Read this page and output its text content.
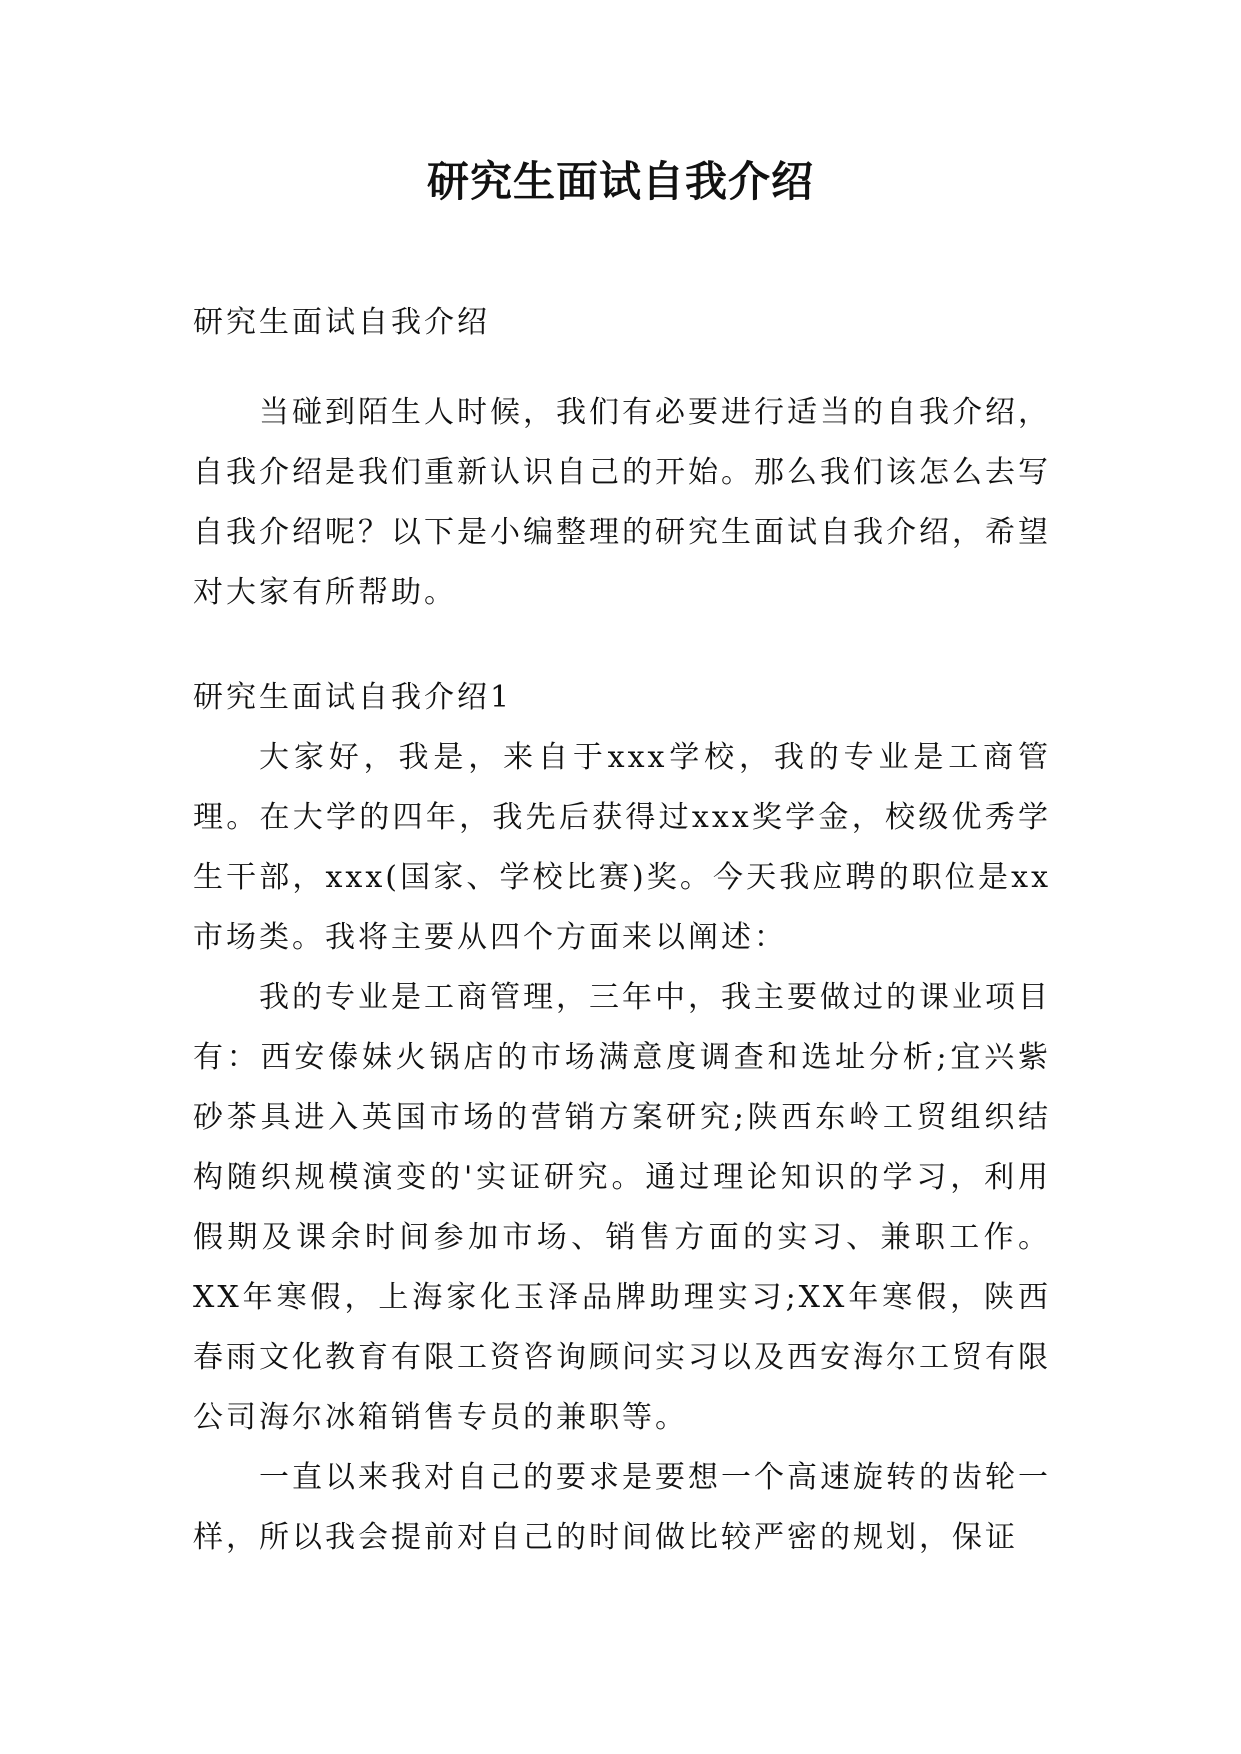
研究生面试自我介绍

研究生面试自我介绍

当碰到陌生人时候，我们有必要进行适当的自我介绍，自我介绍是我们重新认识自己的开始。那么我们该怎么去写自我介绍呢？以下是小编整理的研究生面试自我介绍，希望对大家有所帮助。

研究生面试自我介绍1

大家好，我是，来自于xxx学校，我的专业是工商管理。在大学的四年，我先后获得过xxx奖学金，校级优秀学生干部，xxx(国家、学校比赛)奖。今天我应聘的职位是xx市场类。我将主要从四个方面来以阐述：

我的专业是工商管理，三年中，我主要做过的课业项目有：西安傣妹火锅店的市场满意度调查和选址分析;宜兴紫砂茶具进入英国市场的营销方案研究;陕西东岭工贸组织结构随织规模演变的'实证研究。通过理论知识的学习，利用假期及课余时间参加市场、销售方面的实习、兼职工作。XX年寒假，上海家化玉泽品牌助理实习;XX年寒假，陕西春雨文化教育有限工资咨询顾问实习以及西安海尔工贸有限公司海尔冰箱销售专员的兼职等。

一直以来我对自己的要求是要想一个高速旋转的齿轮一样，所以我会提前对自己的时间做比较严密的规划，保证
